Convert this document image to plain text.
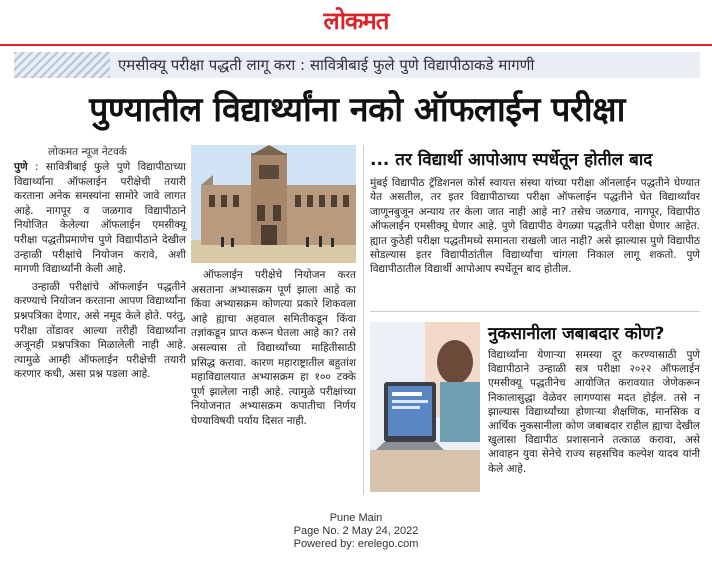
लोकमत
एमसीक्यू परीक्षा पद्धती लागू करा : सावित्रीबाई फुले पुणे विद्यापीठाकडे मागणी
पुण्यातील विद्यार्थ्यांना नको ऑफलाईन परीक्षा
लोकमत न्यूज नेटवर्क

पुणे : सावित्रीबाई फुले पुणे विद्यापीठाच्या विद्यार्थ्यांना ऑफलाईन परीक्षेची तयारी करताना अनेक समस्यांना सामोरे जावे लागत आहे. नागपूर व जळगाव विद्यापीठाने नियोजित केलेल्या ऑफलाईन एमसीक्यू परीक्षा पद्धतीप्रमाणेच पुणे विद्यापीठाने देखील उन्हाळी परीक्षांचे नियोजन करावे, अशी मागणी विद्यार्थ्यांनी केली आहे.

उन्हाळी परीक्षांचे ऑफलाईन पद्धतीने करण्याचे नियोजन करताना आपण विद्यार्थ्यांना प्रश्नपत्रिका देणार, असे नमूद केले होते. परंतु, परीक्षा तोंडावर आल्या तरीही विद्यार्थ्यांना अजूनही प्रश्नपत्रिका मिळालेली नाही आहे. त्यामुळे आम्ही ऑफलाईन परीक्षेची तयारी करणार कधी, असा प्रश्न पडला आहे.

ऑफलाईन परीक्षेचे नियोजन करत असताना अभ्यासक्रम पूर्ण झाला आहे का किंवा अभ्यासक्रम कोणत्या प्रकारे शिकवला आहे ह्याचा अहवाल समितीकडून किंवा तज्ञांकडून प्राप्त करून घेतला आहे का? तसे असल्यास तो विद्यार्थ्यांच्या माहितीसाठी प्रसिद्ध करावा. कारण महाराष्ट्रातील बहुतांश महाविद्यालयात अभ्यासक्रम हा १०० टक्के पूर्ण झालेला नाही आहे. त्यामुळे परीक्षांच्या नियोजनात अभ्यासक्रम कपातीचा निर्णय घेण्याविषयी पर्याय दिसत नाही.

... तर विद्यार्थी आपोआप स्पर्धेतून होतील बाद

मुंबई विद्यापीठ ट्रॅडिशनल कोर्स स्वायत्त संस्था यांच्या परीक्षा ऑनलाईन पद्धतीने घेण्यात येत असतील, तर इतर विद्यापीठाच्या परीक्षा ऑफलाईन पद्धतीने घेत विद्यार्थ्यांवर जाणूनबुजून अन्याय तर केला जात नाही आहे ना? तसेच जळगाव, नागपूर, विद्यापीठ ऑफलाईन एमसीक्यू घेणार आहे. पुणे विद्यापीठ वेगळ्या पद्धतीने परीक्षा घेणार आहेत. ह्यात कुठेही परीक्षा पद्धतीमध्ये समानता राखली जात नाही? असे झाल्यास पुणे विद्यापीठ सोडल्यास इतर विद्यापीठांतील विद्यार्थ्यांचा चांगला निकाल लागू शकतो. पुणे विद्यापीठातील विद्यार्थी आपोआप स्पर्धेतून बाद होतील.

नुकसानीला जबाबदार कोण?

विद्यार्थ्यांना येणाऱ्या समस्या दूर करण्यासाठी पुणे विद्यापीठाने उन्हाळी सत्र परीक्षा २०२२ ऑफलाईन एमसीक्यू पद्धतीनेच आयोजित करावयात जेणेकरून निकालासुद्धा वेळेवर लागण्यास मदत होईल. तसे न झाल्यास विद्यार्थ्यांच्या होणाऱ्या शैक्षणिक, मानसिक व आर्थिक नुकसानीला कोण जबाबदार राहील ह्याचा देखील खुलासा विद्यापीठ प्रशासनाने तत्काळ करावा, असे आवाहन युवा सेनेचे राज्य सहसचिव कल्पेश यादव यांनी केले आहे.

Pune Main
Page No. 2 May 24, 2022
Powered by: erelego.com
